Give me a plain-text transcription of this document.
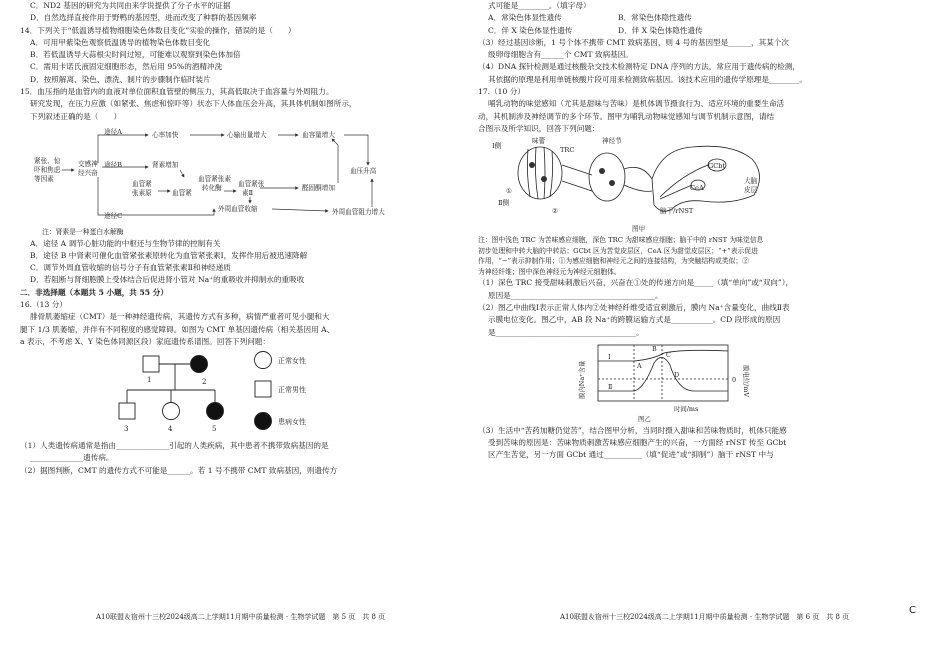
C．ND2 基因的研究为共同由来学说提供了分子水平的证据
D．自然选择直接作用于野鸭的基因型，进而改变了种群的基因频率
14．下列关于“低温诱导植物细胞染色体数目变化”实验的操作，错误的是（　　）
A．可用甲紫染色观察低温诱导的植物染色体数目变化
B．若低温诱导大蒜根尖时间过短，可能难以观察到染色体加倍
C．需用卡诺氏液固定细胞形态，然后用 95%的酒精冲洗
D．按照解离、染色、漂洗、制片的步骤制作临时装片
15．血压指的是血管内的血液对单位面积血管壁的侧压力，其高低取决于血容量与外周阻力。
研究发现，在压力应激（如紧张、焦虑和惊吓等）状态下人体血压会升高，其具体机制如图所示，
下列叙述正确的是（　　）
紧张、惊
吓和焦虑
等因素
交感神
经兴奋
途径A
途径B
途径C
心率加快	心输出量增大	血容量增大
血压升高
肾素增加
血管紧
张素原
血管紧张素
转化酶
血管紧
血管紧张
素Ⅱ
醛固酮增加
外周血管收缩	外周血管阻力增大
注：肾素是一种蛋白水解酶
A．途径 A 调节心脏功能的中枢还与生物节律的控制有关
B．途径 B 中肾素可催化血管紧张素原转化为血管紧张素Ⅰ，发挥作用后被迅速降解
C．调节外周血管收缩的信号分子有血管紧张素Ⅱ和神经递质
D．若阻断与肾细胞膜上受体结合后促进肾小管对 Na⁺的重吸收并抑制水的重吸收
二．非选择题（本题共 5 小题，共 55 分）
16.（13 分）
腓骨肌萎缩症（CMT）是一种神经遗传病，其遗传方式有多种，病情严重者可见小腿和大
腿下 1/3 肌萎缩，并伴有不同程度的感觉障碍。如图为 CMT 单基因遗传病（相关基因用 A、
a 表示，不考虑 X、Y 染色体同源区段）家庭遗传系谱图。回答下列问题：
1	2
3	4	5
正常女性
正常男性
患病女性
（1）人类遗传病通常是指由______________引起的人类疾病，其中患者不携带致病基因的是
______________遗传病。
（2）据图判断，CMT 的遗传方式不可能是______。若 1 号不携带 CMT 致病基因，则遗传方
A10联盟＆宿州十三校2024级高二上学期11月期中质量检测 · 生物学试题　第 5 页　共 8 页
式可能是________。（填字母）
A．常染色体显性遗传	B．常染色体隐性遗传
C．伴 X 染色体显性遗传	D．伴 X 染色体隐性遗传
（3）经过基因诊断，1 号个体不携带 CMT 致病基因，则 4 号的基因型是______，其某个次
级卵母细胞含有______个 CMT 致病基因。
（4）DNA 探针检测是通过核酸杂交技术检测特定 DNA 序列的方法，常应用于遗传病的检测，
其依据的原理是利用单链核酸片段可用来检测致病基因。该技术应用的遗传学原理是________。
17.（10 分）
哺乳动物的味觉感知（尤其是甜味与苦味）是机体调节摄食行为、适应环境的重要生命活
动，其机制涉及神经调节的多个环节。图甲为哺乳动物味觉感知与调节机制示意图，请结
合图示及所学知识，回答下列问题：
Ⅰ侧
味蕾
TRC
神经节
①
Ⅱ侧
②
GCbt
CeA
大脑
皮层
脑干/rNST
图甲
注：图中浅色 TRC 为苦味感应细胞，深色 TRC 为甜味感应细胞；脑干中的 rNST 为味觉信息
初步处理和中转大脑的中转站；GCbt 区为苦觉皮层区，CeA 区为甜觉皮层区；“+”表示促进
作用，“−”表示抑制作用；①为感应细胞和神经元之间的连接结构，为突触结构或类似；②
为神经纤维；图中深色神经元为神经元细胞体。
（1）深色 TRC 接受甜味刺激后兴奋，兴奋在①处的传递方向是_____（填“单向”或“双向”），
原因是______________________________________。
（2）图乙中曲线Ⅰ表示正常人体内②处神经纤维受适宜刺激后，膜内 Na⁺含量变化，曲线Ⅱ表
示膜电位变化。图乙中，AB 段 Na⁺的跨膜运输方式是___________。CD 段形成的原因
是_____________________________________。
膜内Na⁺含量	膜电位/mV
0
时间/ms
Ⅰ
Ⅱ
A
B
C
D
图乙
（3）生活中“苦药加糖仍觉苦”，结合图甲分析，当同时摄入甜味和苦味物质时，机体只能感
受到苦味的原因是：苦味物质刺激苦味感应细胞产生的兴奋，一方面经 rNST 传至 GCbt
区产生苦觉，另一方面 GCbt 通过__________（填“促进”或“抑制”）脑干 rNST 中与
A10联盟＆宿州十三校2024级高二上学期11月期中质量检测 · 生物学试题　第 6 页　共 8 页
C
